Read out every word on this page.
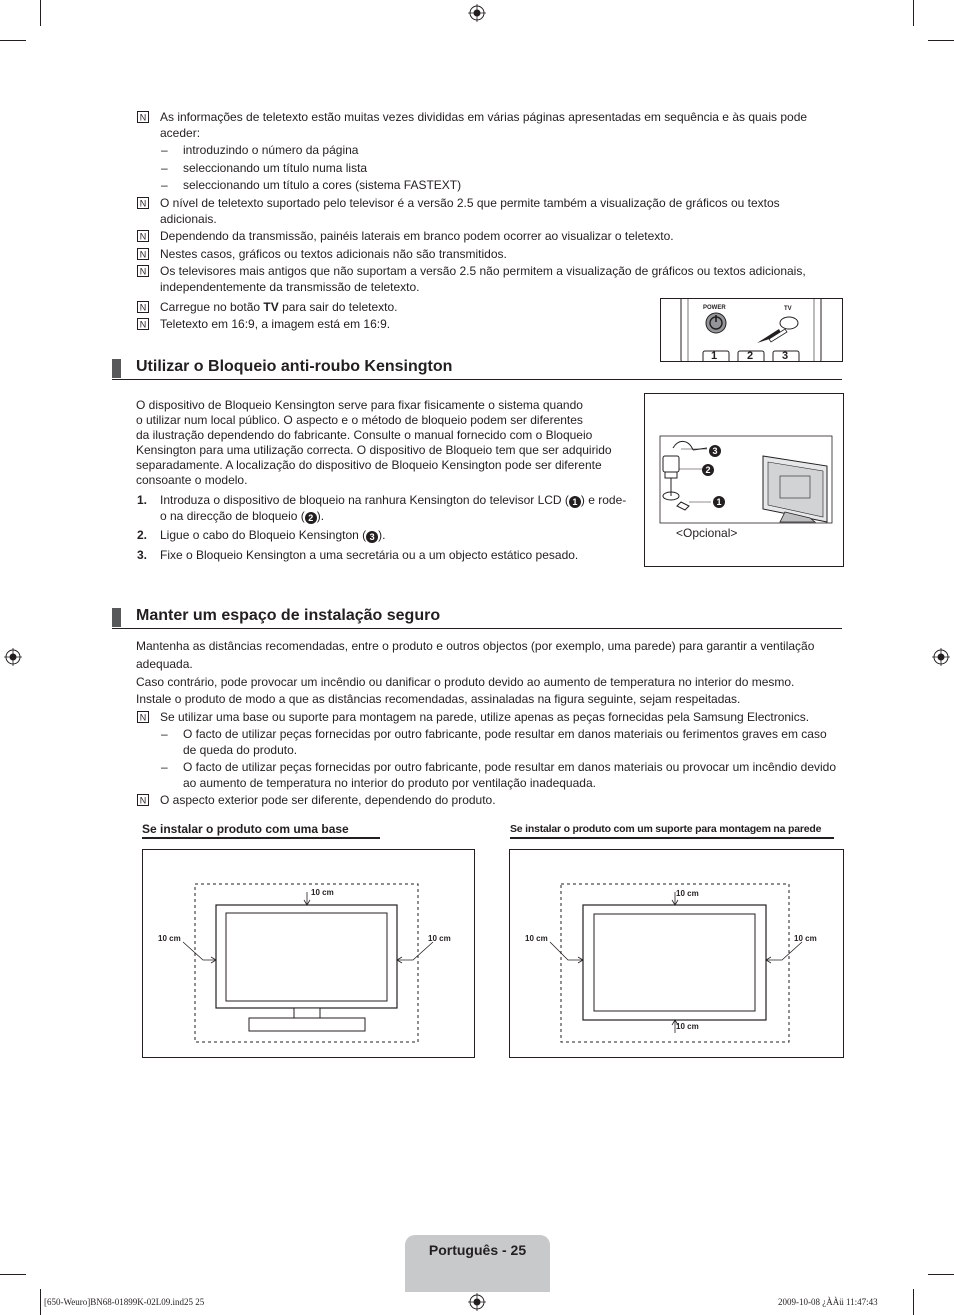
N As informações de teletexto estão muitas vezes divididas em várias páginas apresentadas em sequência e às quais pode aceder:
– introduzindo o número da página
– seleccionando um título numa lista
– seleccionando um título a cores (sistema FASTEXT)
N O nível de teletexto suportado pelo televisor é a versão 2.5 que permite também a visualização de gráficos ou textos adicionais.
N Dependendo da transmissão, painéis laterais em branco podem ocorrer ao visualizar o teletexto.
N Nestes casos, gráficos ou textos adicionais não são transmitidos.
N Os televisores mais antigos que não suportam a versão 2.5 não permitem a visualização de gráficos ou textos adicionais, independentemente da transmissão de teletexto.
N Carregue no botão TV para sair do teletexto.
N Teletexto em 16:9, a imagem está em 16:9.
POWER	TV
1	2	3
Utilizar o Bloqueio anti-roubo Kensington
O dispositivo de Bloqueio Kensington serve para fixar fisicamente o sistema quando
o utilizar num local público. O aspecto e o método de bloqueio podem ser diferentes
da ilustração dependendo do fabricante. Consulte o manual fornecido com o Bloqueio
Kensington para uma utilização correcta. O dispositivo de Bloqueio tem que ser adquirido
separadamente. A localização do dispositivo de Bloqueio Kensington pode ser diferente
consoante o modelo.
1. Introduza o dispositivo de bloqueio na ranhura Kensington do televisor LCD ( 1 ) e rode-
o na direcção de bloqueio ( 2 ).
2. Ligue o cabo do Bloqueio Kensington ( 3 ).
3. Fixe o Bloqueio Kensington a uma secretária ou a um objecto estático pesado.
3
2
1
<Opcional>
Manter um espaço de instalação seguro
Mantenha as distâncias recomendadas, entre o produto e outros objectos (por exemplo, uma parede) para garantir a ventilação adequada.
Caso contrário, pode provocar um incêndio ou danificar o produto devido ao aumento de temperatura no interior do mesmo.
Instale o produto de modo a que as distâncias recomendadas, assinaladas na figura seguinte, sejam respeitadas.
N Se utilizar uma base ou suporte para montagem na parede, utilize apenas as peças fornecidas pela Samsung Electronics.
– O facto de utilizar peças fornecidas por outro fabricante, pode resultar em danos materiais ou ferimentos graves em caso de queda do produto.
– O facto de utilizar peças fornecidas por outro fabricante, pode resultar em danos materiais ou provocar um incêndio devido ao aumento de temperatura no interior do produto por ventilação inadequada.
N O aspecto exterior pode ser diferente, dependendo do produto.
Se instalar o produto com uma base	Se instalar o produto com um suporte para montagem na parede
10 cm
10 cm	10 cm
10 cm
10 cm	10 cm
10 cm
Português - 25
[650-Weuro]BN68-01899K-02L09.ind25 25	2009-10-08 ¿ÀÀü 11:47:43
